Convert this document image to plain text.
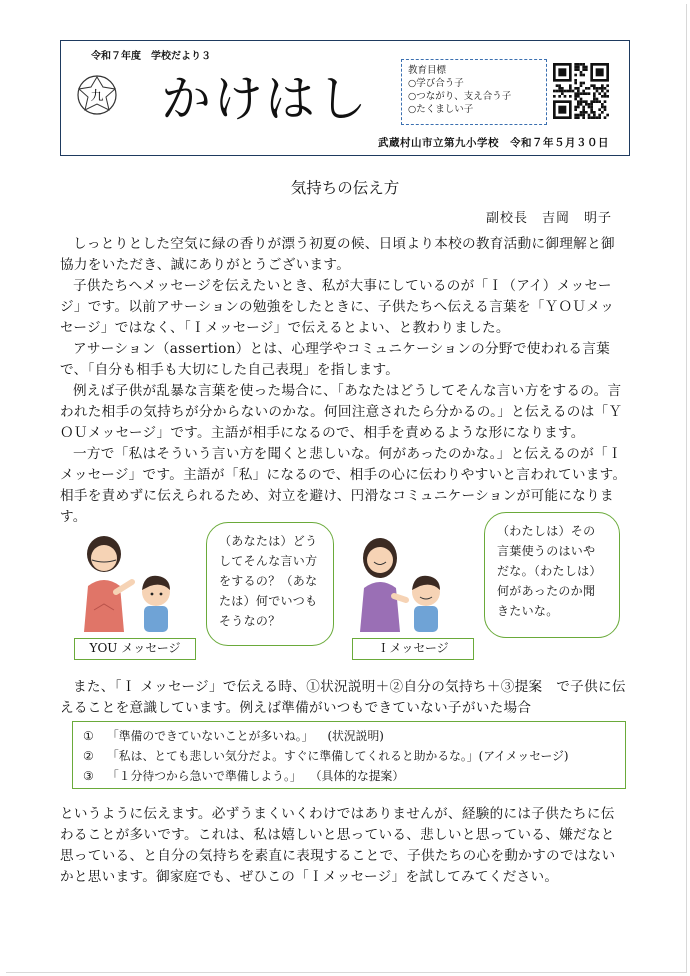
令和７年度　学校だより３
九 かけはし	教育目標
○学び合う子
○つながり、支え合う子
○たくましい子
武蔵村山市立第九小学校　令和７年５月３０日
気持ちの伝え方
副校長　吉岡　明子

しっとりとした空気に緑の香りが漂う初夏の候、日頃より本校の教育活動に御理解と御協力をいただき、誠にありがとうございます。

子供たちへメッセージを伝えたいとき、私が大事にしているのが「Ｉ（アイ）メッセージ」です。以前アサーションの勉強をしたときに、子供たちへ伝える言葉を「ＹＯＵメッセージ」ではなく、「Ｉメッセージ」で伝えるとよい、と教わりました。

アサーション（assertion）とは、心理学やコミュニケーションの分野で使われる言葉で、「自分も相手も大切にした自己表現」を指します。

例えば子供が乱暴な言葉を使った場合に、「あなたはどうしてそんな言い方をするの。言われた相手の気持ちが分からないのかな。何回注意されたら分かるの。」と伝えるのは「ＹＯＵメッセージ」です。主語が相手になるので、相手を責めるような形になります。

一方で「私はそういう言い方を聞くと悲しいな。何があったのかな。」と伝えるのが「Ｉメッセージ」です。主語が「私」になるので、相手の心に伝わりやすいと言われています。相手を責めずに伝えられるため、対立を避け、円滑なコミュニケーションが可能になります。

（あなたは）どうしてそんな言い方をするの？（あなたは）何でいつもそうなの？
YOU メッセージ
（わたしは）その言葉使うのはいやだな。（わたしは）何があったのか聞きたいな。
Ｉメッセージ

また、「Ｉ メッセージ」で伝える時、①状況説明＋②自分の気持ち＋③提案　で子供に伝えることを意識しています。例えば準備がいつもできていない子がいた場合

① 「準備のできていないことが多いね。」 (状況説明)
② 「私は、とても悲しい気分だよ。すぐに準備してくれると助かるな。」(アイメッセージ)
③ 「１分待つから急いで準備しよう。」 （具体的な提案）

というように伝えます。必ずうまくいくわけではありませんが、経験的には子供たちに伝わることが多いです。これは、私は嬉しいと思っている、悲しいと思っている、嫌だなと思っている、と自分の気持ちを素直に表現することで、子供たちの心を動かすのではないかと思います。御家庭でも、ぜひこの「Ｉメッセージ」を試してみてください。
